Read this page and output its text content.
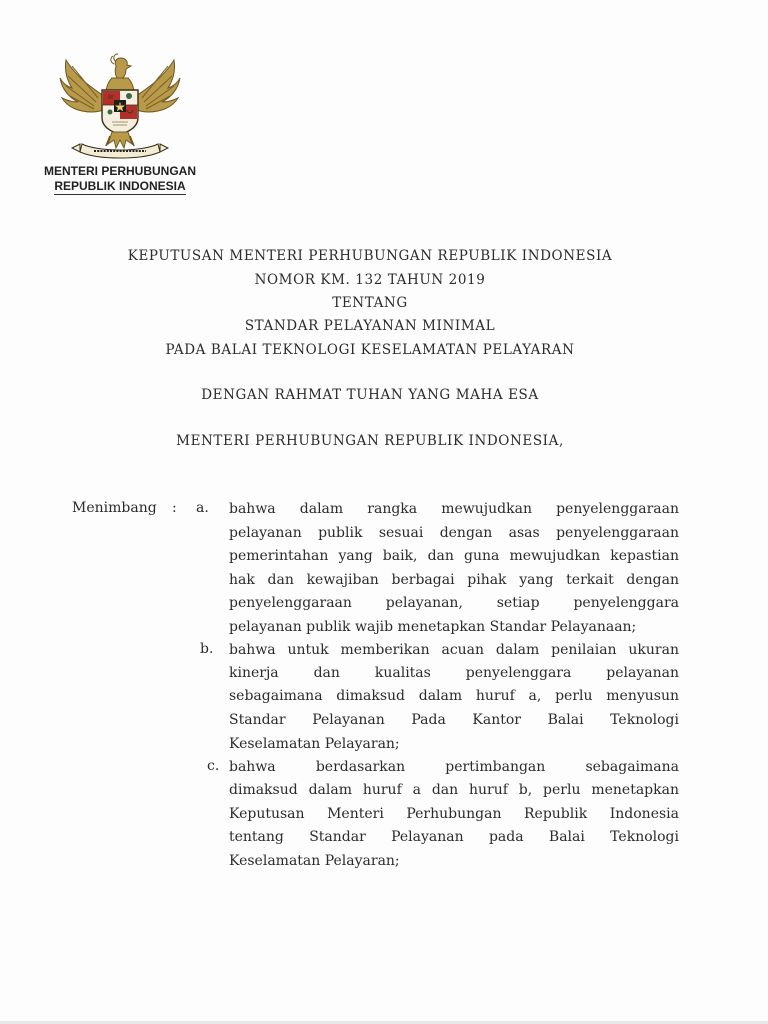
MENTERI PERHUBUNGAN
REPUBLIK INDONESIA
KEPUTUSAN MENTERI PERHUBUNGAN REPUBLIK INDONESIA
NOMOR KM. 132 TAHUN 2019
TENTANG
STANDAR PELAYANAN MINIMAL
PADA BALAI TEKNOLOGI KESELAMATAN PELAYARAN
DENGAN RAHMAT TUHAN YANG MAHA ESA
MENTERI PERHUBUNGAN REPUBLIK INDONESIA,
Menimbang : a. bahwa dalam rangka mewujudkan penyelenggaraan
pelayanan publik sesuai dengan asas penyelenggaraan
pemerintahan yang baik, dan guna mewujudkan kepastian
hak dan kewajiban berbagai pihak yang terkait dengan
penyelenggaraan pelayanan, setiap penyelenggara
pelayanan publik wajib menetapkan Standar Pelayanaan;
b. bahwa untuk memberikan acuan dalam penilaian ukuran
kinerja dan kualitas penyelenggara pelayanan
sebagaimana dimaksud dalam huruf a, perlu menyusun
Standar Pelayanan Pada Kantor Balai Teknologi
Keselamatan Pelayaran;
c. bahwa berdasarkan pertimbangan sebagaimana
dimaksud dalam huruf a dan huruf b, perlu menetapkan
Keputusan Menteri Perhubungan Republik Indonesia
tentang Standar Pelayanan pada Balai Teknologi
Keselamatan Pelayaran;
